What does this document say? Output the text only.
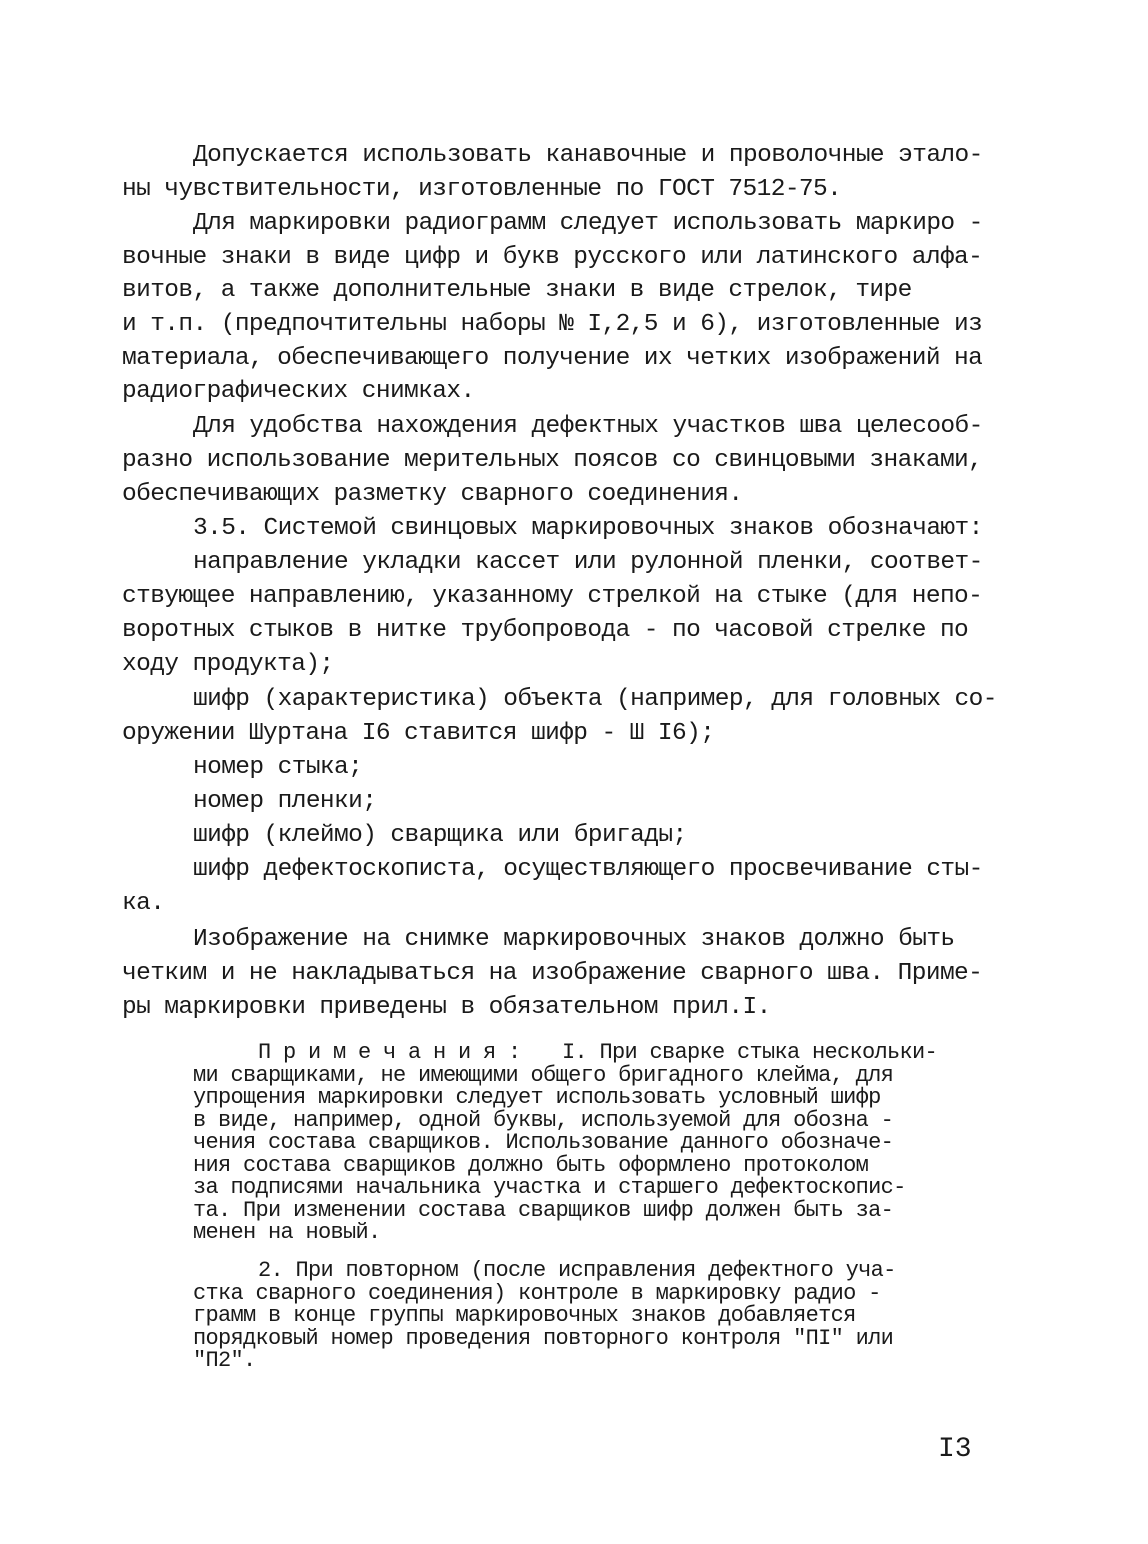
Допускается использовать канавочные и проволочные этало-
ны чувствительности, изготовленные по ГОСТ 7512-75.
Для маркировки радиограмм следует использовать маркиро -
вочные знаки в виде цифр и букв русского или латинского алфа-
витов, а также дополнительные знаки в виде стрелок, тире
и т.п. (предпочтительны наборы № I,2,5 и 6), изготовленные из
материала, обеспечивающего получение их четких изображений на
радиографических снимках.
Для удобства нахождения дефектных участков шва целесооб-
разно использование мерительных поясов со свинцовыми знаками,
обеспечивающих разметку сварного соединения.
3.5. Системой свинцовых маркировочных знаков обозначают:
направление укладки кассет или рулонной пленки, соответ-
ствующее направлению, указанному стрелкой на стыке (для непо-
воротных стыков в нитке трубопровода - по часовой стрелке по
ходу продукта);
шифр (характеристика) объекта (например, для головных со-
оружении Шуртана I6 ставится шифр - Ш I6);
номер стыка;
номер пленки;
шифр (клеймо) сварщика или бригады;
шифр дефектоскописта, осуществляющего просвечивание сты-
ка.
Изображение на снимке маркировочных знаков должно быть
четким и не накладываться на изображение сварного шва. Приме-
ры маркировки приведены в обязательном прил.I.
П р и м е ч а н и я : I. При сварке стыка нескольки-
ми сварщиками, не имеющими общего бригадного клейма, для
упрощения маркировки следует использовать условный шифр
в виде, например, одной буквы, используемой для обозна -
чения состава сварщиков. Использование данного обозначе-
ния состава сварщиков должно быть оформлено протоколом
за подписями начальника участка и старшего дефектоскопис-
та. При изменении состава сварщиков шифр должен быть за-
менен на новый.
2. При повторном (после исправления дефектного уча-
стка сварного соединения) контроле в маркировку радио -
грамм в конце группы маркировочных знаков добавляется
порядковый номер проведения повторного контроля "ПI" или
"П2".
I3
